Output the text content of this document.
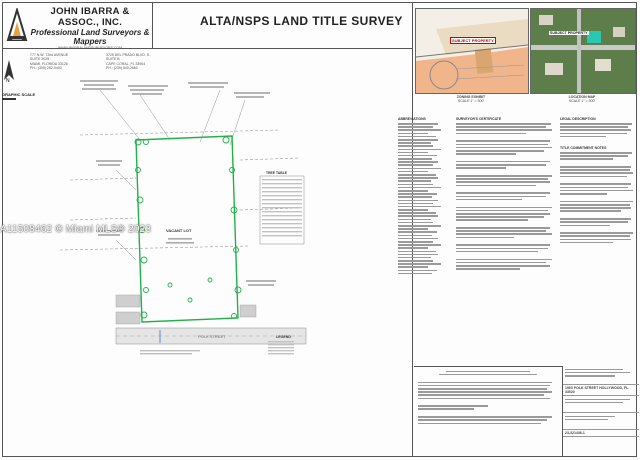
JOHN IBARRA & ASSOC., INC.
Professional Land Surveyors & Mappers
777 N.W. 72nd AVENUE
SUITE 3025
MIAMI, FLORIDA 33126
PH.: (305) 262-0400
3725 DEL PRADO BLVD. S.
SUITE B
CAPE CORAL, FL 33904
PH.: (239) 540-2660
ALTA/NSPS LAND TITLE SURVEY
SUBJECT PROPERTY
ZONING EXHIBIT
SCALE 1" = 300'
SUBJECT PROPERTY
LOCATION MAP
SCALE 1" = 300'
N
GRAPHIC SCALE
VACANT LOT
POLK STREET
TREE TABLE
LEGEND
ABBREVIATIONS	SURVEYOR'S CERTIFICATE	LEGAL DESCRIPTION
TITLE COMMITMENT NOTES
1903 POLK STREET HOLLYWOOD, FL. 33020
23-321436-1
A11508462 © Miami MLS® 2023
